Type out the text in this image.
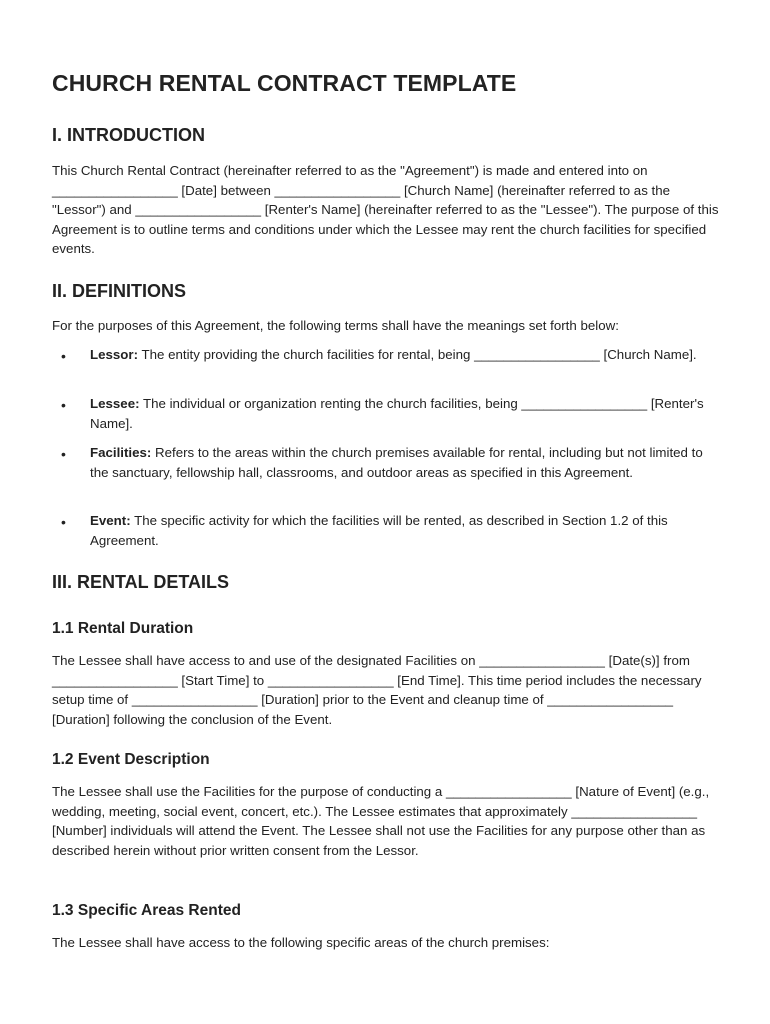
CHURCH RENTAL CONTRACT TEMPLATE
I. INTRODUCTION

This Church Rental Contract (hereinafter referred to as the "Agreement") is made and entered into on _________________ [Date] between _________________ [Church Name] (hereinafter referred to as the "Lessor") and _________________ [Renter's Name] (hereinafter referred to as the "Lessee"). The purpose of this Agreement is to outline terms and conditions under which the Lessee may rent the church facilities for specified events.

II. DEFINITIONS

For the purposes of this Agreement, the following terms shall have the meanings set forth below:

• Lessor: The entity providing the church facilities for rental, being _________________ [Church Name].
• Lessee: The individual or organization renting the church facilities, being _________________ [Renter's Name].
• Facilities: Refers to the areas within the church premises available for rental, including but not limited to the sanctuary, fellowship hall, classrooms, and outdoor areas as specified in this Agreement.
• Event: The specific activity for which the facilities will be rented, as described in Section 1.2 of this Agreement.
III. RENTAL DETAILS
1.1 Rental Duration

The Lessee shall have access to and use of the designated Facilities on _________________ [Date(s)] from _________________ [Start Time] to _________________ [End Time]. This time period includes the necessary setup time of _________________ [Duration] prior to the Event and cleanup time of _________________ [Duration] following the conclusion of the Event.

1.2 Event Description

The Lessee shall use the Facilities for the purpose of conducting a _________________ [Nature of Event] (e.g., wedding, meeting, social event, concert, etc.). The Lessee estimates that approximately _________________ [Number] individuals will attend the Event. The Lessee shall not use the Facilities for any purpose other than as described herein without prior written consent from the Lessor.

1.3 Specific Areas Rented

The Lessee shall have access to the following specific areas of the church premises:
